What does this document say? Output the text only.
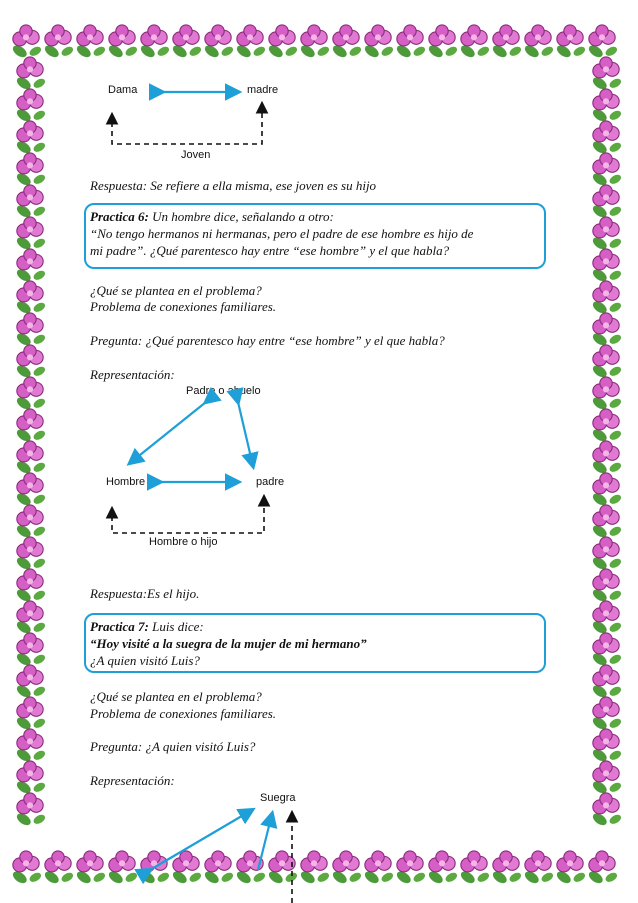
Dama	madre
Joven
Respuesta: Se refiere a ella misma, ese joven es su hijo
Practica 6: Un hombre dice, señalando a otro:
“No tengo hermanos ni hermanas, pero el padre de ese hombre es hijo de
mi padre”. ¿Qué parentesco hay entre “ese hombre” y el que habla?
¿Qué se plantea en el problema?
Problema de conexiones familiares.
Pregunta: ¿Qué parentesco hay entre “ese hombre” y el que habla?
Representación:
Padre o abuelo
Hombre	padre
Hombre o hijo
Respuesta:Es el hijo.
Practica 7: Luis dice:
“Hoy visité a la suegra de la mujer de mi hermano”
¿A quien visitó Luis?
¿Qué se plantea en el problema?
Problema de conexiones familiares.
Pregunta: ¿A quien visitó Luis?
Representación:
Suegra
